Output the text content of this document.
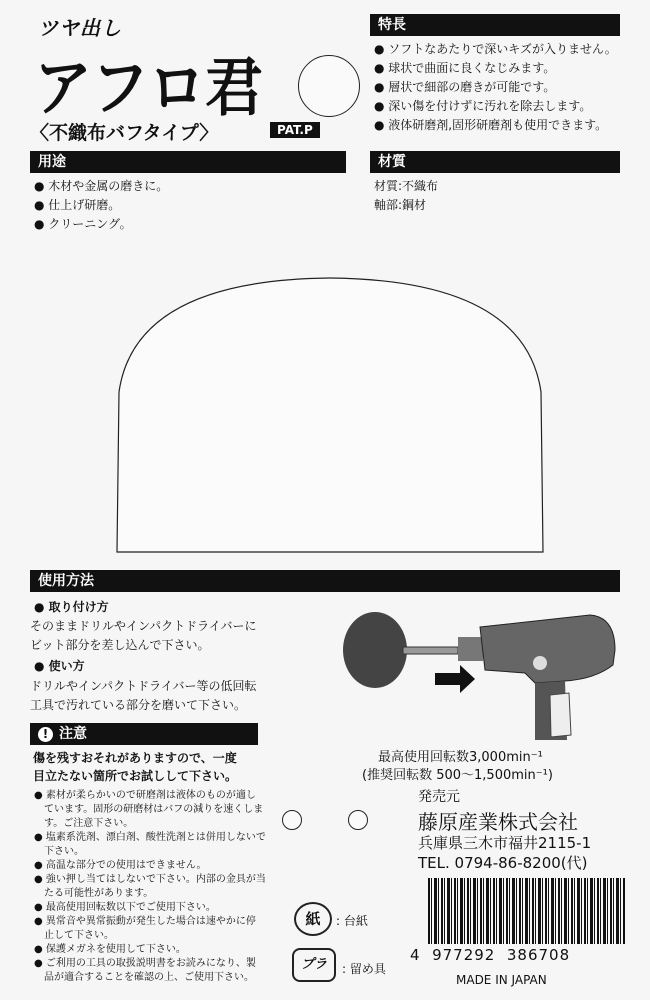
ツヤ出し
アフロ君
〈不織布バフタイプ〉	PAT.P
特長
● ソフトなあたりで深いキズが入りません。
● 球状で曲面に良くなじみます。
● 層状で細部の磨きが可能です。
● 深い傷を付けずに汚れを除去します。
● 液体研磨剤,固形研磨剤も使用できます。
用途
● 木材や金属の磨きに。
● 仕上げ研磨。
● クリーニング。
材質
材質:不織布
軸部:鋼材
使用方法
● 取り付け方
そのままドリルやインパクトドライバーに
ビット部分を差し込んで下さい。
● 使い方
ドリルやインパクトドライバー等の低回転
工具で汚れている部分を磨いて下さい。
最高使用回転数3,000min⁻¹
(推奨回転数 500〜1,500min⁻¹)
! 注意
傷を残すおそれがありますので、一度
目立たない箇所でお試しして下さい。
● 素材が柔らかいので研磨剤は液体のものが適し
　ています。固形の研磨材はバフの減りを速くしま
　す。ご注意下さい。
● 塩素系洗剤、漂白剤、酸性洗剤とは併用しないで
　下さい。
● 高温な部分での使用はできません。
● 強い押し当てはしないで下さい。内部の金具が当
　たる可能性があります。
● 最高使用回転数以下でご使用下さい。
● 異常音や異常振動が発生した場合は速やかに停
　止して下さい。
● 保護メガネを使用して下さい。
● ご利用の工具の取扱説明書をお読みになり、製
　品が適合することを確認の上、ご使用下さい。
発売元
藤原産業株式会社
兵庫県三木市福井2115-1
TEL. 0794-86-8200(代)
紙	: 台紙
プラ	: 留め具
4  977292  386708
MADE IN JAPAN
